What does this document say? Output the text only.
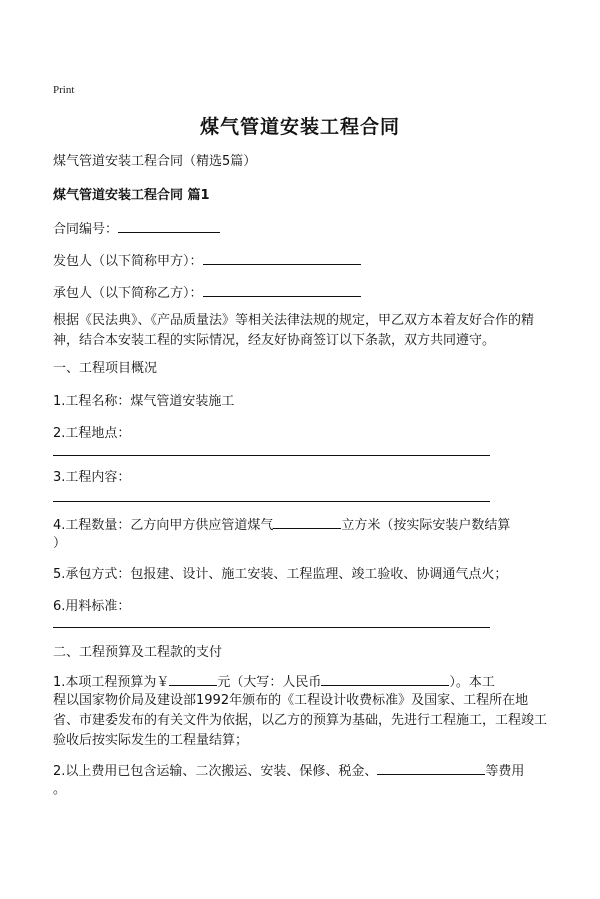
Print
煤气管道安装工程合同
煤气管道安装工程合同（精选5篇）
煤气管道安装工程合同 篇1
合同编号：
发包人（以下简称甲方）：
承包人（以下简称乙方）：
根据《民法典》、《产品质量法》等相关法律法规的规定，甲乙双方本着友好合作的精神，结合本安装工程的实际情况，经友好协商签订以下条款，双方共同遵守。
一、工程项目概况
1.工程名称：煤气管道安装施工
2.工程地点：
3.工程内容：
4.工程数量：乙方向甲方供应管道煤气	立方米（按实际安装户数结算
）
5.承包方式：包报建、设计、施工安装、工程监理、竣工验收、协调通气点火；
6.用料标准：
二、工程预算及工程款的支付
1.本项工程预算为￥	元（大写：人民币	）。本工
程以国家物价局及建设部1992年颁布的《工程设计收费标准》及国家、工程所在地省、市建委发布的有关文件为依据，以乙方的预算为基础，先进行工程施工，工程竣工验收后按实际发生的工程量结算；
2.以上费用已包含运输、二次搬运、安装、保修、税金、	等费用
。
